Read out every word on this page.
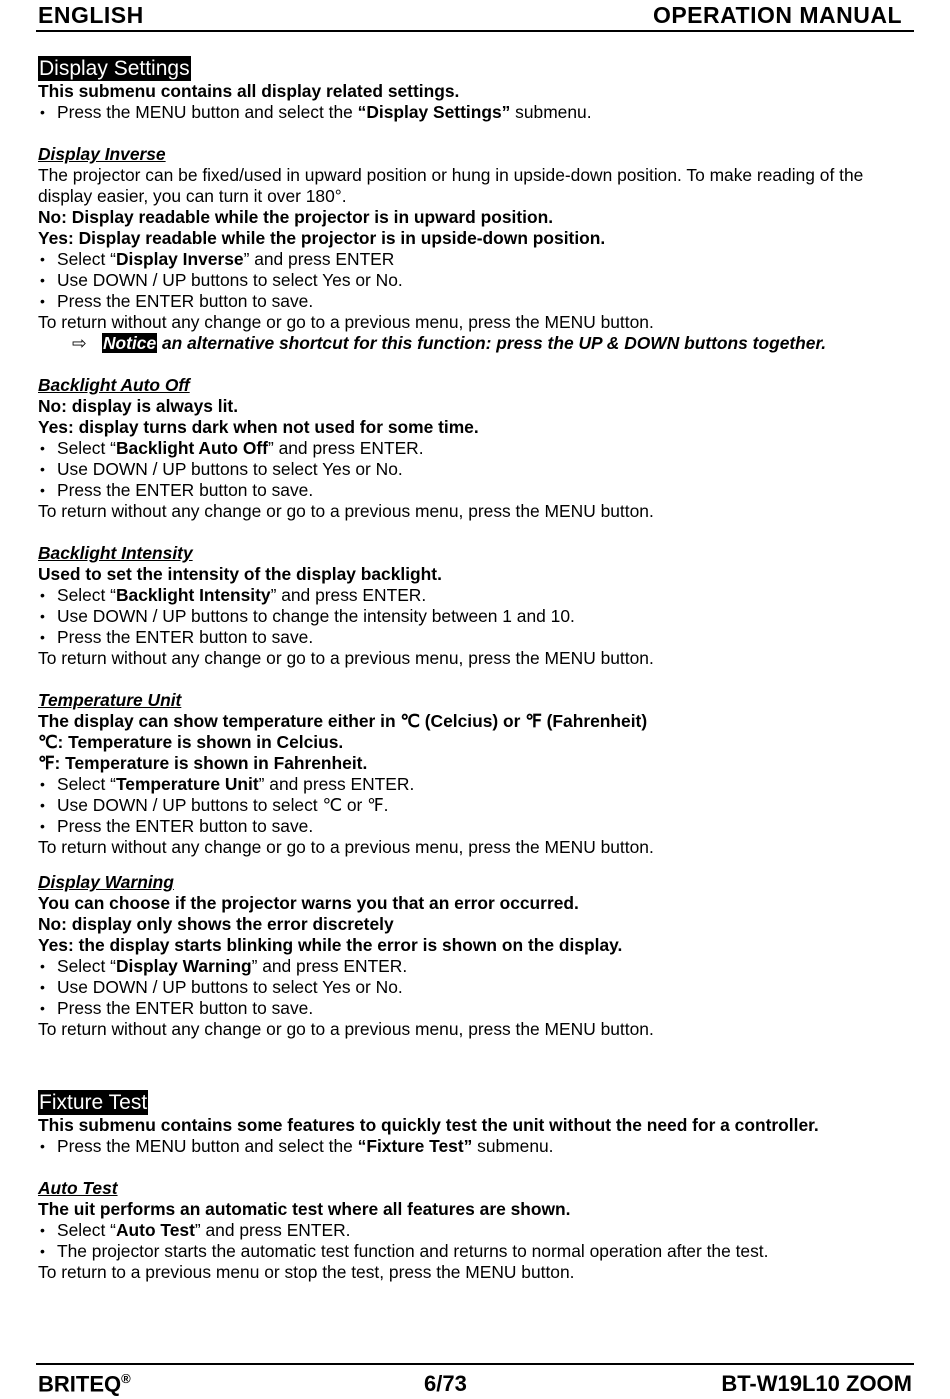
ENGLISH	OPERATION MANUAL
Display Settings

This submenu contains all display related settings.

• Press the MENU button and select the “Display Settings” submenu.

Display Inverse

The projector can be fixed/used in upward position or hung in upside-down position. To make reading of the display easier, you can turn it over 180°.

No: Display readable while the projector is in upward position.

Yes: Display readable while the projector is in upside-down position.

• Select “Display Inverse” and press ENTER

• Use DOWN / UP buttons to select Yes or No.

• Press the ENTER button to save.

To return without any change or go to a previous menu, press the MENU button.

⇨ Notice an alternative shortcut for this function: press the UP & DOWN buttons together.

Backlight Auto Off

No: display is always lit.

Yes: display turns dark when not used for some time.

• Select “Backlight Auto Off” and press ENTER.

• Use DOWN / UP buttons to select Yes or No.

• Press the ENTER button to save.

To return without any change or go to a previous menu, press the MENU button.

Backlight Intensity

Used to set the intensity of the display backlight.

• Select “Backlight Intensity” and press ENTER.

• Use DOWN / UP buttons to change the intensity between 1 and 10.

• Press the ENTER button to save.

To return without any change or go to a previous menu, press the MENU button.

Temperature Unit

The display can show temperature either in ℃ (Celcius) or ℉ (Fahrenheit)

℃: Temperature is shown in Celcius.

℉: Temperature is shown in Fahrenheit.

• Select “Temperature Unit” and press ENTER.

• Use DOWN / UP buttons to select ℃ or ℉.

• Press the ENTER button to save.

To return without any change or go to a previous menu, press the MENU button.

Display Warning

You can choose if the projector warns you that an error occurred.

No: display only shows the error discretely

Yes: the display starts blinking while the error is shown on the display.

• Select “Display Warning” and press ENTER.

• Use DOWN / UP buttons to select Yes or No.

• Press the ENTER button to save.

To return without any change or go to a previous menu, press the MENU button.

Fixture Test

This submenu contains some features to quickly test the unit without the need for a controller.

• Press the MENU button and select the “Fixture Test” submenu.

Auto Test

The uit performs an automatic test where all features are shown.

• Select “Auto Test” and press ENTER.

• The projector starts the automatic test function and returns to normal operation after the test.

To return to a previous menu or stop the test, press the MENU button.

BRITEQ®	6/73	BT-W19L10 ZOOM
